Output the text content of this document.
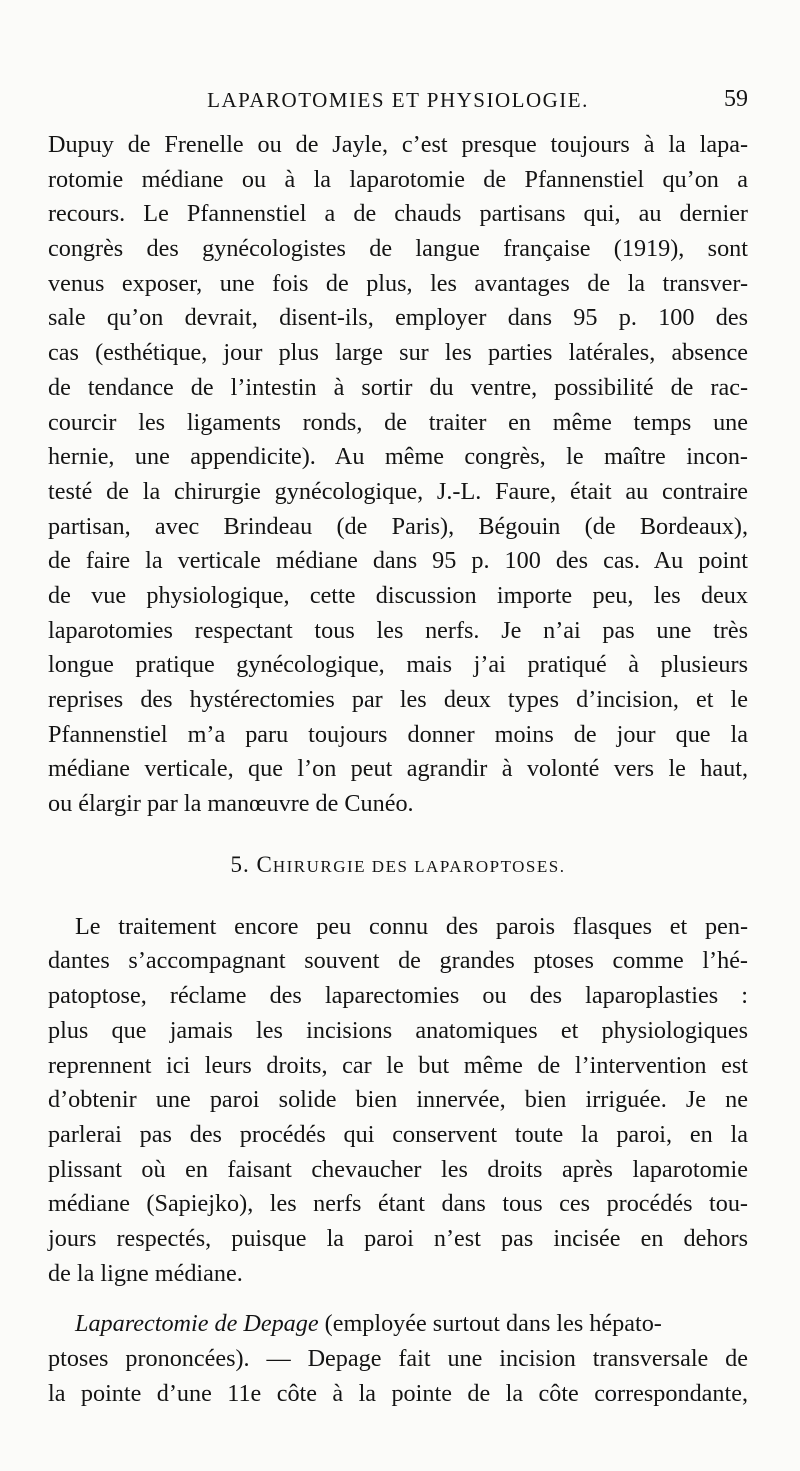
LAPAROTOMIES ET PHYSIOLOGIE.	59
Dupuy de Frenelle ou de Jayle, c’est presque toujours à la lapa-
rotomie médiane ou à la laparotomie de Pfannenstiel qu’on a
recours. Le Pfannenstiel a de chauds partisans qui, au dernier
congrès des gynécologistes de langue française (1919), sont
venus exposer, une fois de plus, les avantages de la transver-
sale qu’on devrait, disent-ils, employer dans 95 p. 100 des
cas (esthétique, jour plus large sur les parties latérales, absence
de tendance de l’intestin à sortir du ventre, possibilité de rac-
courcir les ligaments ronds, de traiter en même temps une
hernie, une appendicite). Au même congrès, le maître incon-
testé de la chirurgie gynécologique, J.-L. Faure, était au contraire
partisan, avec Brindeau (de Paris), Bégouin (de Bordeaux),
de faire la verticale médiane dans 95 p. 100 des cas. Au point
de vue physiologique, cette discussion importe peu, les deux
laparotomies respectant tous les nerfs. Je n’ai pas une très
longue pratique gynécologique, mais j’ai pratiqué à plusieurs
reprises des hystérectomies par les deux types d’incision, et le
Pfannenstiel m’a paru toujours donner moins de jour que la
médiane verticale, que l’on peut agrandir à volonté vers le haut,
ou élargir par la manœuvre de Cunéo.
5. CHIRURGIE DES LAPAROPTOSES.
Le traitement encore peu connu des parois flasques et pen-
dantes s’accompagnant souvent de grandes ptoses comme l’hé-
patoptose, réclame des laparectomies ou des laparoplasties :
plus que jamais les incisions anatomiques et physiologiques
reprennent ici leurs droits, car le but même de l’intervention est
d’obtenir une paroi solide bien innervée, bien irriguée. Je ne
parlerai pas des procédés qui conservent toute la paroi, en la
plissant où en faisant chevaucher les droits après laparotomie
médiane (Sapiejko), les nerfs étant dans tous ces procédés tou-
jours respectés, puisque la paroi n’est pas incisée en dehors
de la ligne médiane.
Laparectomie de Depage (employée surtout dans les hépato-
ptoses prononcées). — Depage fait une incision transversale de
la pointe d’une 11e côte à la pointe de la côte correspondante,
